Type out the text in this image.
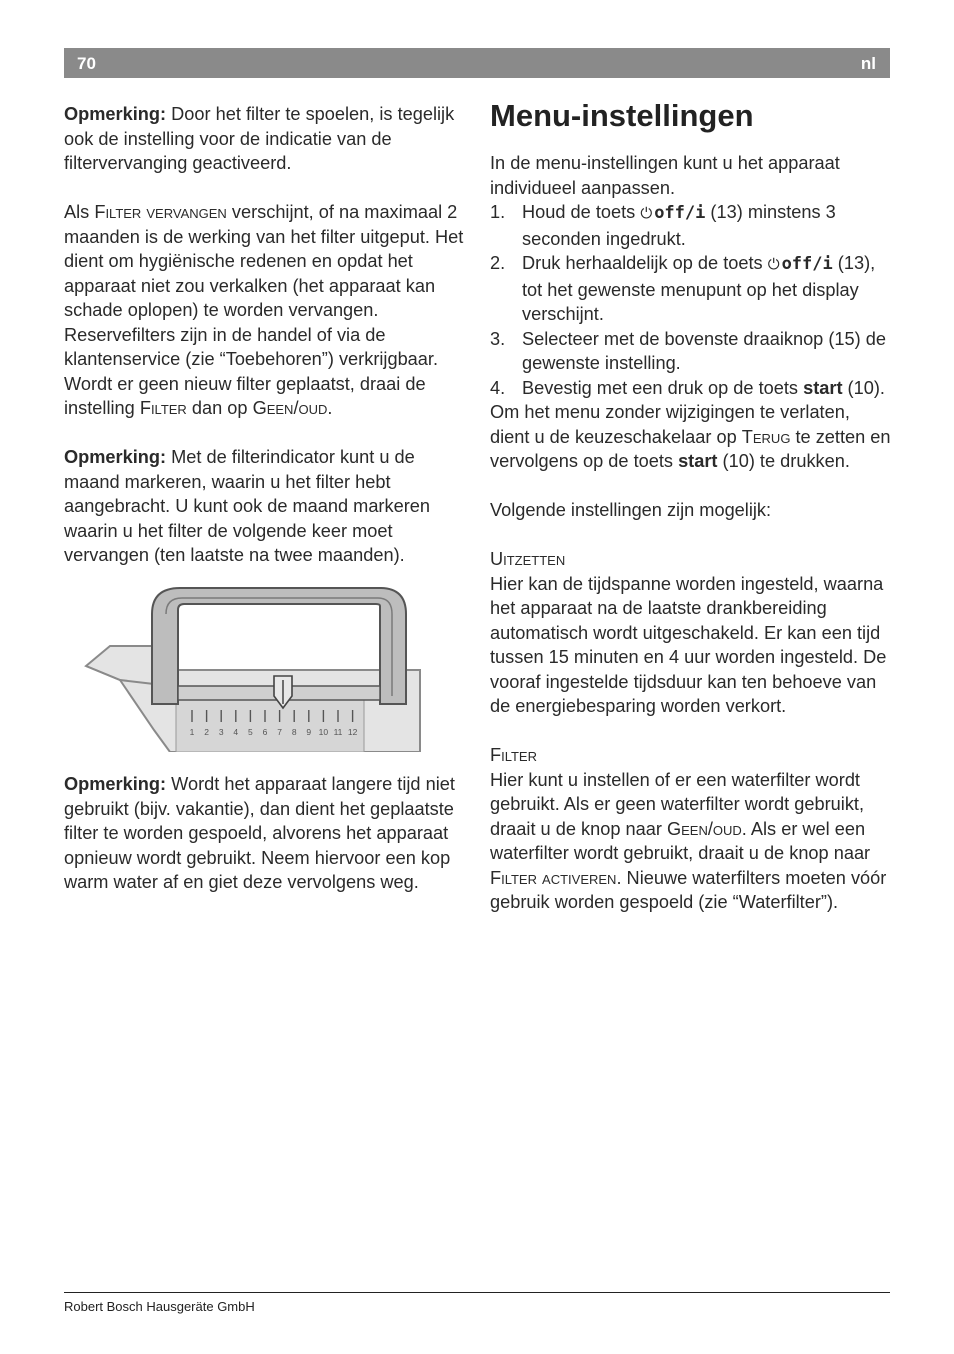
70	nl

Opmerking: Door het filter te spoelen, is tegelijk ook de instelling voor de indicatie van de filtervervanging geactiveerd.

Als Filter vervangen verschijnt, of na maximaal 2 maanden is de werking van het filter uitgeput. Het dient om hygiënische redenen en opdat het apparaat niet zou verkalken (het apparaat kan schade oplopen) te worden vervangen.

Reservefilters zijn in de handel of via de klantenservice (zie “Toebehoren”) verkrijgbaar. Wordt er geen nieuw filter geplaatst, draai de instelling Filter dan op Geen/oud.

Opmerking: Met de filterindicator kunt u de maand markeren, waarin u het filter hebt aangebracht. U kunt ook de maand markeren waarin u het filter de volgende keer moet vervangen (ten laatste na twee maanden).

1 2 3 4 5 6 7 8 9 10 11 12

Opmerking: Wordt het apparaat langere tijd niet gebruikt (bijv. vakantie), dan dient het geplaatste filter te worden gespoeld, alvorens het apparaat opnieuw wordt gebruikt. Neem hiervoor een kop warm water af en giet deze vervolgens weg.

Menu-instellingen

In de menu-instellingen kunt u het apparaat individueel aanpassen.

1. Houd de toets ⏻ off/i (13) minstens 3 seconden ingedrukt.
2. Druk herhaaldelijk op de toets ⏻ off/i (13), tot het gewenste menupunt op het display verschijnt.
3. Selecteer met de bovenste draaiknop (15) de gewenste instelling.
4. Bevestig met een druk op de toets start (10).

Om het menu zonder wijzigingen te verlaten, dient u de keuzeschakelaar op Terug te zetten en vervolgens op de toets start (10) te drukken.

Volgende instellingen zijn mogelijk:

Uitzetten

Hier kan de tijdspanne worden ingesteld, waarna het apparaat na de laatste drankbereiding automatisch wordt uitgeschakeld. Er kan een tijd tussen 15 minuten en 4 uur worden ingesteld. De vooraf ingestelde tijdsduur kan ten behoeve van de energiebesparing worden verkort.

Filter

Hier kunt u instellen of er een waterfilter wordt gebruikt. Als er geen waterfilter wordt gebruikt, draait u de knop naar Geen/oud. Als er wel een waterfilter wordt gebruikt, draait u de knop naar Filter activeren. Nieuwe waterfilters moeten vóór gebruik worden gespoeld (zie “Waterfilter”).

Robert Bosch Hausgeräte GmbH
